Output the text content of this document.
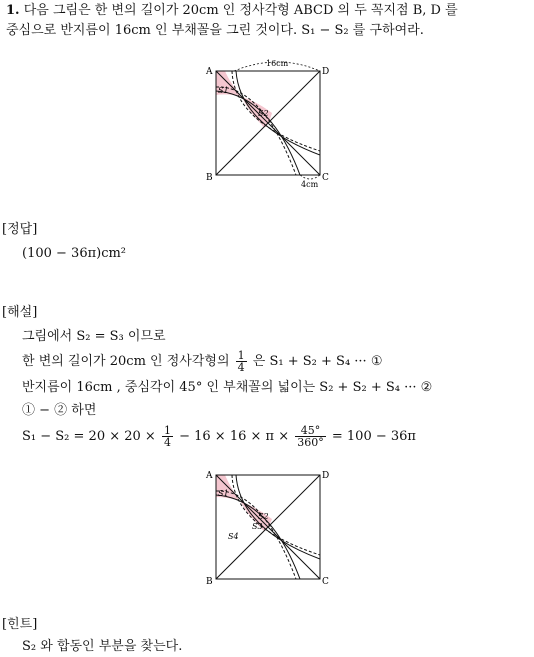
1. 다음 그림은 한 변의 길이가 20cm 인 정사각형 ABCD 의 두 꼭지점 B, D 를
중심으로 반지름이 16cm 인 부채꼴을 그린 것이다. S₁ − S₂ 를 구하여라.
A	D
B	C
16cm
4cm
S1
S2
[정답]
(100 − 36π)cm²
[해설]
그림에서 S₂ = S₃ 이므로
한 변의 길이가 20cm 인 정사각형의 $\frac{1}{4}$ 은 S₁ + S₂ + S₄ ··· ①
반지름이 16cm , 중심각이 45° 인 부채꼴의 넓이는 S₂ + S₂ + S₄ ··· ②
① − ② 하면
$S_1 - S_2 = 20 \times 20 \times \frac{1}{4} - 16 \times 16 \times \pi \times \frac{45^\circ}{360^\circ} = 100 - 36\pi$
A	D
B	C
S1
S2
S3
S4
[힌트]
S₂ 와 합동인 부분을 찾는다.
